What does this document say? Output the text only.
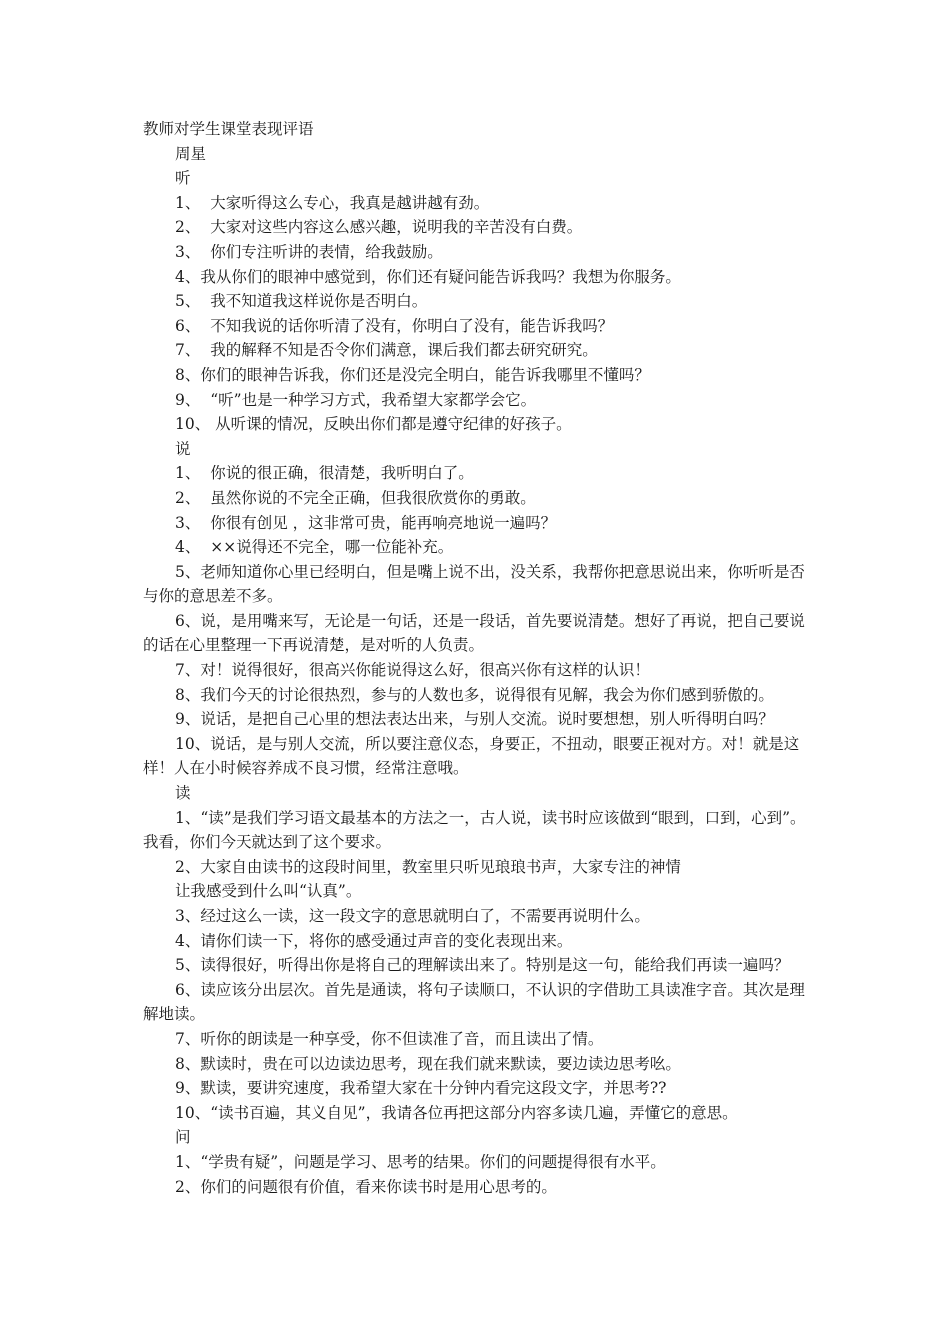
教师对学生课堂表现评语
周星
听
1、  大家听得这么专心，我真是越讲越有劲。
2、  大家对这些内容这么感兴趣，说明我的辛苦没有白费。
3、  你们专注听讲的表情，给我鼓励。
4、我从你们的眼神中感觉到，你们还有疑问能告诉我吗？我想为你服务。
5、  我不知道我这样说你是否明白。
6、  不知我说的话你听清了没有，你明白了没有，能告诉我吗？
7、  我的解释不知是否令你们满意，课后我们都去研究研究。
8、你们的眼神告诉我，你们还是没完全明白，能告诉我哪里不懂吗？
9、  “听”也是一种学习方式，我希望大家都学会它。
10、 从听课的情况，反映出你们都是遵守纪律的好孩子。
说
1、  你说的很正确，很清楚，我听明白了。
2、  虽然你说的不完全正确，但我很欣赏你的勇敢。
3、  你很有创见 ，这非常可贵，能再响亮地说一遍吗？
4、  ××说得还不完全，哪一位能补充。
5、老师知道你心里已经明白，但是嘴上说不出，没关系，我帮你把意思说出来，你听听是否与你的意思差不多。
6、说，是用嘴来写，无论是一句话，还是一段话，首先要说清楚。想好了再说，把自己要说的话在心里整理一下再说清楚，是对听的人负责。
7、对！说得很好，很高兴你能说得这么好，很高兴你有这样的认识！
8、我们今天的讨论很热烈，参与的人数也多，说得很有见解，我会为你们感到骄傲的。
9、说话，是把自己心里的想法表达出来，与别人交流。说时要想想，别人听得明白吗？
10、说话，是与别人交流，所以要注意仪态，身要正，不扭动，眼要正视对方。对！就是这样！人在小时候容养成不良习惯，经常注意哦。
读
1、“读”是我们学习语文最基本的方法之一，古人说，读书时应该做到“眼到，口到，心到”。我看，你们今天就达到了这个要求。
2、大家自由读书的这段时间里，教室里只听见琅琅书声，大家专注的神情
让我感受到什么叫“认真”。
3、经过这么一读，这一段文字的意思就明白了，不需要再说明什么。
4、请你们读一下，将你的感受通过声音的变化表现出来。
5、读得很好，听得出你是将自己的理解读出来了。特别是这一句，能给我们再读一遍吗？
6、读应该分出层次。首先是通读，将句子读顺口，不认识的字借助工具读准字音。其次是理解地读。
7、听你的朗读是一种享受，你不但读准了音，而且读出了情。
8、默读时，贵在可以边读边思考，现在我们就来默读，要边读边思考吆。
9、默读，要讲究速度，我希望大家在十分钟内看完这段文字，并思考??
10、“读书百遍，其义自见”，我请各位再把这部分内容多读几遍，弄懂它的意思。
问
1、“学贵有疑”，问题是学习、思考的结果。你们的问题提得很有水平。
2、你们的问题很有价值，看来你读书时是用心思考的。
